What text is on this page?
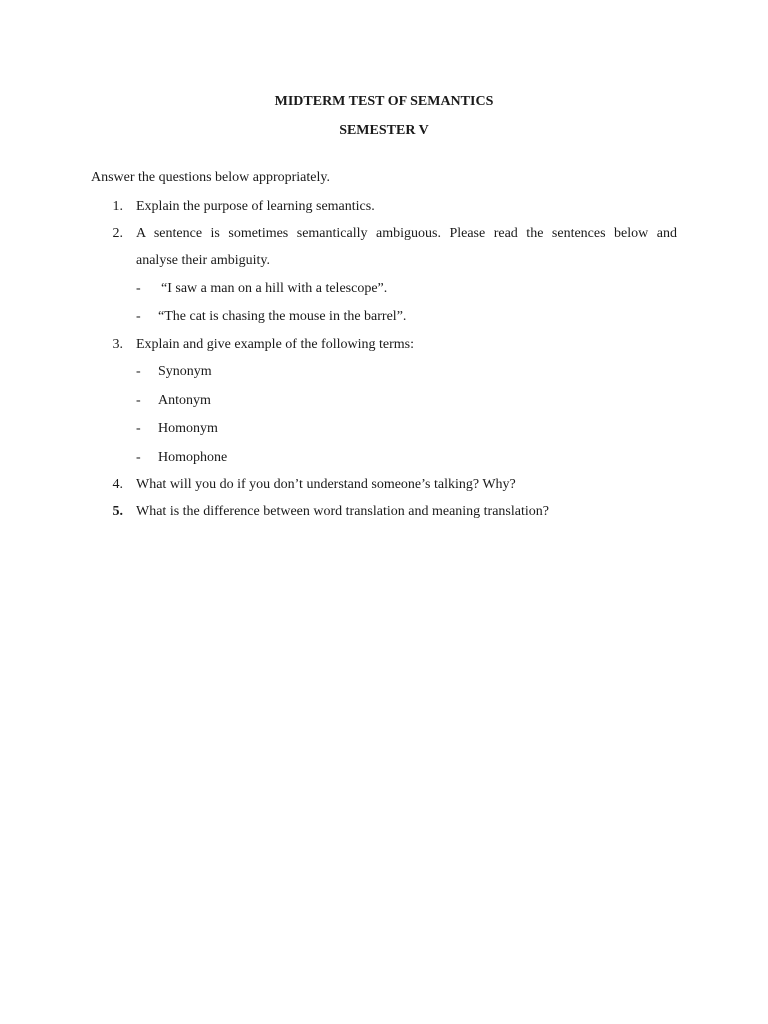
MIDTERM TEST OF SEMANTICS
SEMESTER V
Answer the questions below appropriately.
1. Explain the purpose of learning semantics.
2. A sentence is sometimes semantically ambiguous. Please read the sentences below and
analyse their ambiguity.
- “I saw a man on a hill with a telescope”.
- “The cat is chasing the mouse in the barrel”.
3. Explain and give example of the following terms:
- Synonym
- Antonym
- Homonym
- Homophone
4. What will you do if you don’t understand someone’s talking? Why?
5. What is the difference between word translation and meaning translation?
